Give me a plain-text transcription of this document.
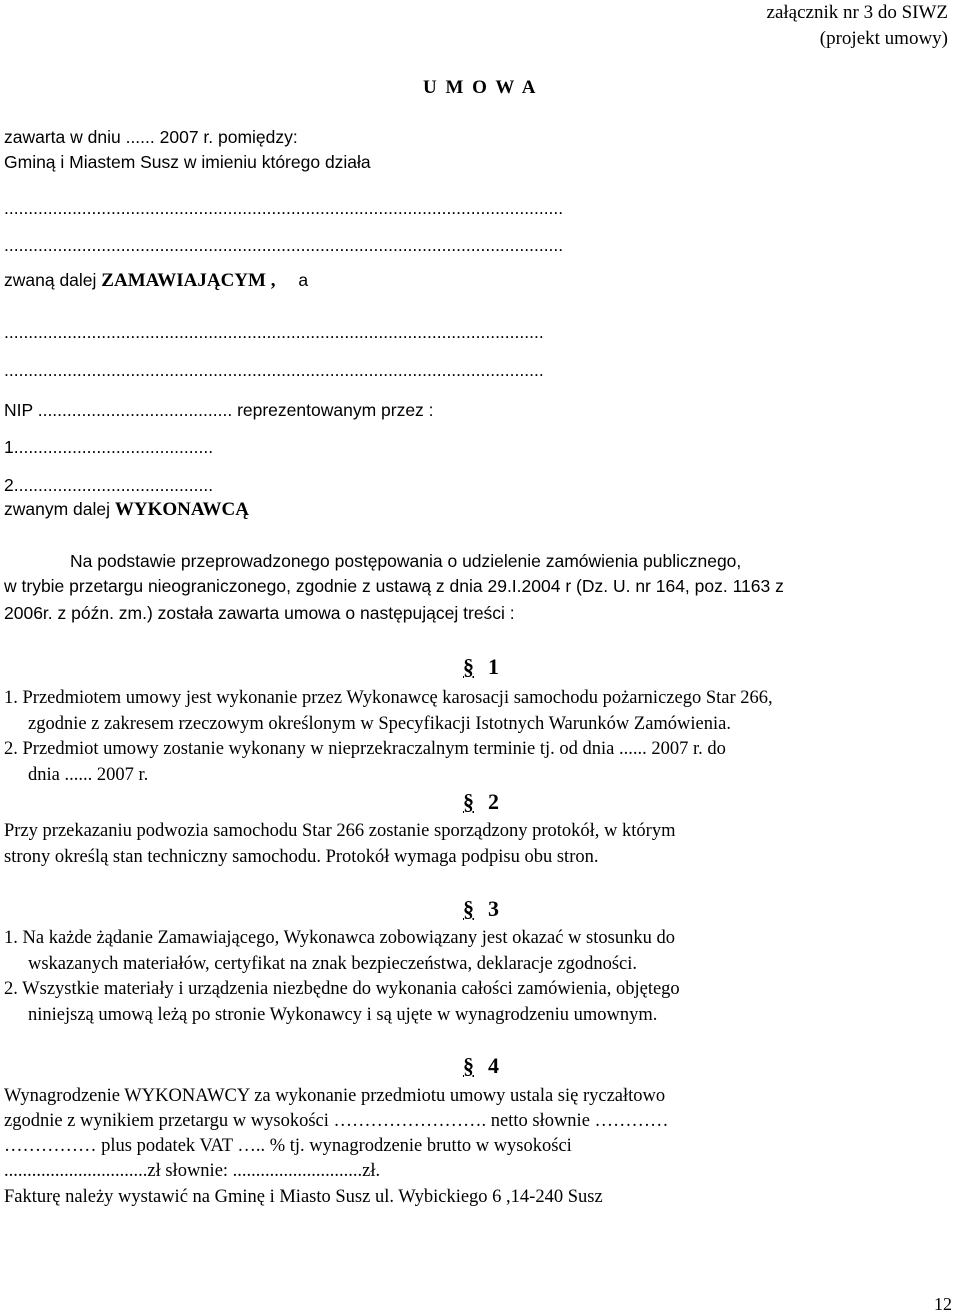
załącznik nr 3 do SIWZ
(projekt umowy)
U M O W A
zawarta w dniu ...... 2007 r. pomiędzy:
Gminą i Miastem Susz w imieniu którego działa
...................................................................................................................
...................................................................................................................
zwaną dalej ZAMAWIAJĄCYM , a
...............................................................................................................
...............................................................................................................
NIP ........................................ reprezentowanym przez :
1.........................................
2.........................................
zwanym dalej WYKONAWCĄ
Na podstawie przeprowadzonego postępowania o udzielenie zamówienia publicznego,
w trybie przetargu nieograniczonego, zgodnie z ustawą z dnia 29.I.2004 r (Dz. U. nr 164, poz. 1163 z
2006r. z późn. zm.) została zawarta umowa o następującej treści :
§ 1
1. Przedmiotem umowy jest wykonanie przez Wykonawcę karosacji samochodu pożarniczego Star 266,
zgodnie z zakresem rzeczowym określonym w Specyfikacji Istotnych Warunków Zamówienia.
2. Przedmiot umowy zostanie wykonany w nieprzekraczalnym terminie tj. od dnia ...... 2007 r. do
dnia ...... 2007 r.
§ 2
Przy przekazaniu podwozia samochodu Star 266 zostanie sporządzony protokół, w którym
strony określą stan techniczny samochodu. Protokół wymaga podpisu obu stron.
§ 3
1. Na każde żądanie Zamawiającego, Wykonawca zobowiązany jest okazać w stosunku do
wskazanych materiałów, certyfikat na znak bezpieczeństwa, deklaracje zgodności.
2. Wszystkie materiały i urządzenia niezbędne do wykonania całości zamówienia, objętego
niniejszą umową leżą po stronie Wykonawcy i są ujęte w wynagrodzeniu umownym.
§ 4
Wynagrodzenie WYKONAWCY za wykonanie przedmiotu umowy ustala się ryczałtowo
zgodnie z wynikiem przetargu w wysokości ……………………. netto słownie …………
…………… plus podatek VAT ….. % tj. wynagrodzenie brutto w wysokości
...............................zł słownie: ............................zł.
Fakturę należy wystawić na Gminę i Miasto Susz ul. Wybickiego 6 ,14-240 Susz
12
